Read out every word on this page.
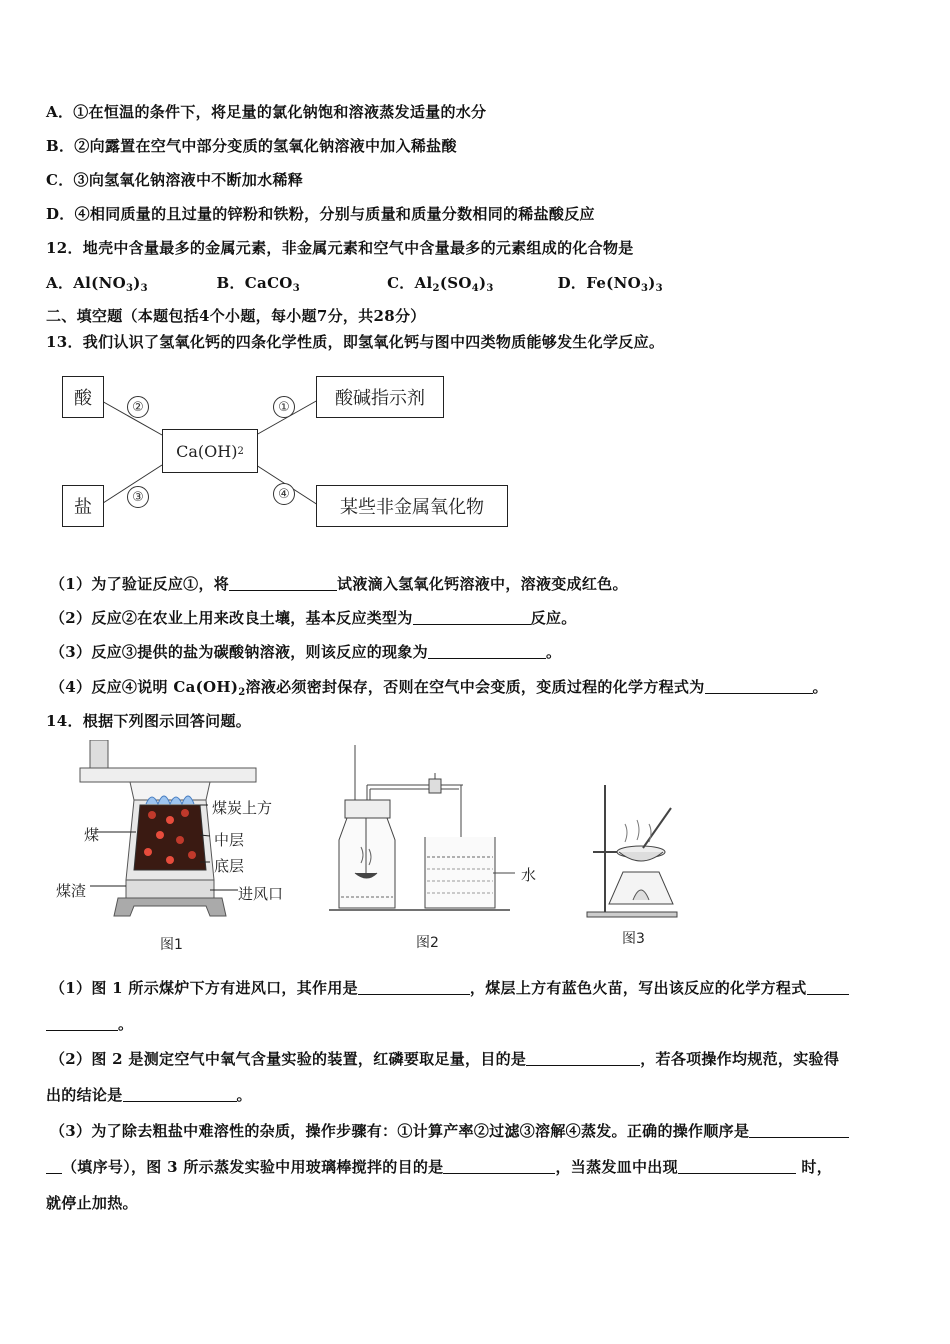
A．①在恒温的条件下，将足量的氯化钠饱和溶液蒸发适量的水分
B．②向露置在空气中部分变质的氢氧化钠溶液中加入稀盐酸
C．③向氢氧化钠溶液中不断加水稀释
D．④相同质量的且过量的锌粉和铁粉，分别与质量和质量分数相同的稀盐酸反应
12．地壳中含量最多的金属元素，非金属元素和空气中含量最多的元素组成的化合物是
A．$Al(NO_3)_3$	B．CaCO$_3$	C．$Al_2(SO_4)_3$	D．$Fe(NO_3)_3$
二、填空题（本题包括4个小题，每小题7分，共28分）
13．我们认识了氢氧化钙的四条化学性质，即氢氧化钙与图中四类物质能够发生化学反应。
酸	酸碱指示剂
Ca(OH) 2
盐	某些非金属氧化物
②	①
③	④
（1）为了验证反应①，将	试液滴入氢氧化钙溶液中，溶液变成红色。
（2）反应②在农业上用来改良土壤，基本反应类型为	反应。
（3）反应③提供的盐为碳酸钠溶液，则该反应的现象为	。
（4）反应④说明 $Ca(OH)_2$溶液必须密封保存，否则在空气中会变质，变质过程的化学方程式为	。
14．根据下列图示回答问题。
煤炭上方
煤	中层
底层
煤渣	进风口
图1
水
图2	图3
（1）图 1 所示煤炉下方有进风口，其作用是	，煤层上方有蓝色火苗，写出该反应的化学方程式
。
（2）图 2 是测定空气中氧气含量实验的装置，红磷要取足量，目的是	，若各项操作均规范，实验得
出的结论是	。
（3）为了除去粗盐中难溶性的杂质，操作步骤有：①计算产率②过滤③溶解④蒸发。正确的操作顺序是
（填序号），图 3 所示蒸发实验中用玻璃棒搅拌的目的是	，当蒸发皿中出现	时，
就停止加热。
